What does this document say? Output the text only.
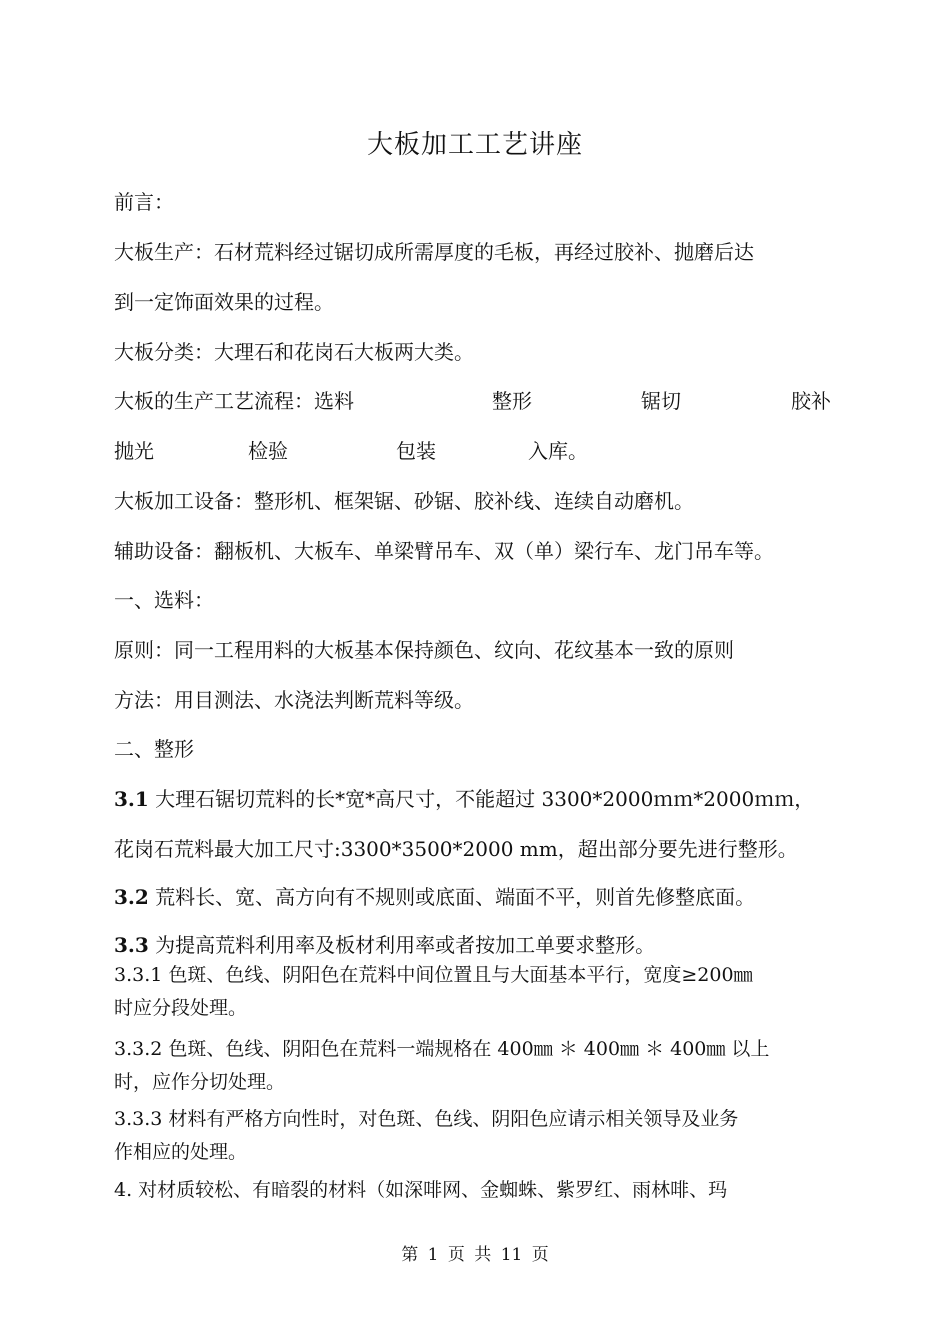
大板加工工艺讲座
前言：
大板生产：石材荒料经过锯切成所需厚度的毛板，再经过胶补、抛磨后达
到一定饰面效果的过程。
大板分类：大理石和花岗石大板两大类。
大板的生产工艺流程：选料	整形	锯切	胶补
抛光	检验	包装	入库。
大板加工设备：整形机、框架锯、砂锯、胶补线、连续自动磨机。
辅助设备：翻板机、大板车、单梁臂吊车、双（单）梁行车、龙门吊车等。
一、选料：
原则：同一工程用料的大板基本保持颜色、纹向、花纹基本一致的原则
方法：用目测法、水浇法判断荒料等级。
二、整形
3.1 大理石锯切荒料的长*宽*高尺寸，不能超过 3300*2000ｍｍ*2000ｍｍ，
花岗石荒料最大加工尺寸:3300*3500*2000 mm，超出部分要先进行整形。
3.2 荒料长、宽、高方向有不规则或底面、端面不平，则首先修整底面。
3.3 为提高荒料利用率及板材利用率或者按加工单要求整形。
3.3.1 色斑、色线、阴阳色在荒料中间位置且与大面基本平行，宽度≥200㎜
时应分段处理。
3.3.2 色斑、色线、阴阳色在荒料一端规格在 400㎜ ＊ 400㎜ ＊ 400㎜ 以上
时，应作分切处理。
3.3.3 材料有严格方向性时，对色斑、色线、阴阳色应请示相关领导及业务
作相应的处理。
4. 对材质较松、有暗裂的材料（如深啡网、金蜘蛛、紫罗红、雨林啡、玛
第 1 页 共 11 页
